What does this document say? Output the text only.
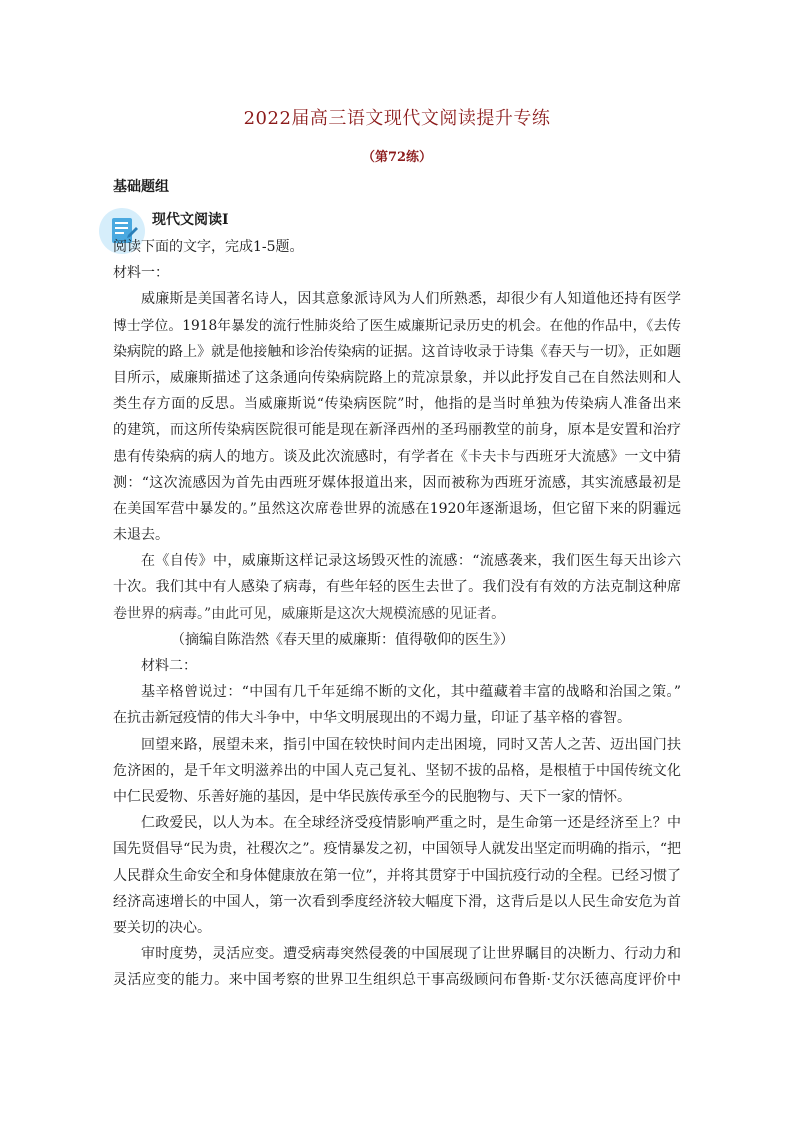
2022届高三语文现代文阅读提升专练
（第72练）
基础题组
现代文阅读Ⅰ
阅读下面的文字，完成1-5题。
材料一：
威廉斯是美国著名诗人，因其意象派诗风为人们所熟悉，却很少有人知道他还持有医学
博士学位。1918年暴发的流行性肺炎给了医生威廉斯记录历史的机会。在他的作品中，《去传
染病院的路上》就是他接触和诊治传染病的证据。这首诗收录于诗集《春天与一切》，正如题
目所示，威廉斯描述了这条通向传染病院路上的荒凉景象，并以此抒发自己在自然法则和人
类生存方面的反思。当威廉斯说“传染病医院”时，他指的是当时单独为传染病人准备出来
的建筑，而这所传染病医院很可能是现在新泽西州的圣玛丽教堂的前身，原本是安置和治疗
患有传染病的病人的地方。谈及此次流感时，有学者在《卡夫卡与西班牙大流感》一文中猜
测：“这次流感因为首先由西班牙媒体报道出来，因而被称为西班牙流感，其实流感最初是
在美国军营中暴发的。”虽然这次席卷世界的流感在1920年逐渐退场，但它留下来的阴霾远
未退去。
在《自传》中，威廉斯这样记录这场毁灭性的流感：“流感袭来，我们医生每天出诊六
十次。我们其中有人感染了病毒，有些年轻的医生去世了。我们没有有效的方法克制这种席
卷世界的病毒。”由此可见，威廉斯是这次大规模流感的见证者。
（摘编自陈浩然《春天里的威廉斯：值得敬仰的医生》）
材料二：
基辛格曾说过：“中国有几千年延绵不断的文化，其中蕴藏着丰富的战略和治国之策。”
在抗击新冠疫情的伟大斗争中，中华文明展现出的不竭力量，印证了基辛格的睿智。
回望来路，展望未来，指引中国在较快时间内走出困境，同时又苦人之苦、迈出国门扶
危济困的，是千年文明滋养出的中国人克己复礼、坚韧不拔的品格，是根植于中国传统文化
中仁民爱物、乐善好施的基因，是中华民族传承至今的民胞物与、天下一家的情怀。
仁政爱民，以人为本。在全球经济受疫情影响严重之时，是生命第一还是经济至上？中
国先贤倡导“民为贵，社稷次之”。疫情暴发之初，中国领导人就发出坚定而明确的指示，“把
人民群众生命安全和身体健康放在第一位”，并将其贯穿于中国抗疫行动的全程。已经习惯了
经济高速增长的中国人，第一次看到季度经济较大幅度下滑，这背后是以人民生命安危为首
要关切的决心。
审时度势，灵活应变。遭受病毒突然侵袭的中国展现了让世界瞩目的决断力、行动力和
灵活应变的能力。来中国考察的世界卫生组织总干事高级顾问布鲁斯·艾尔沃德高度评价中
